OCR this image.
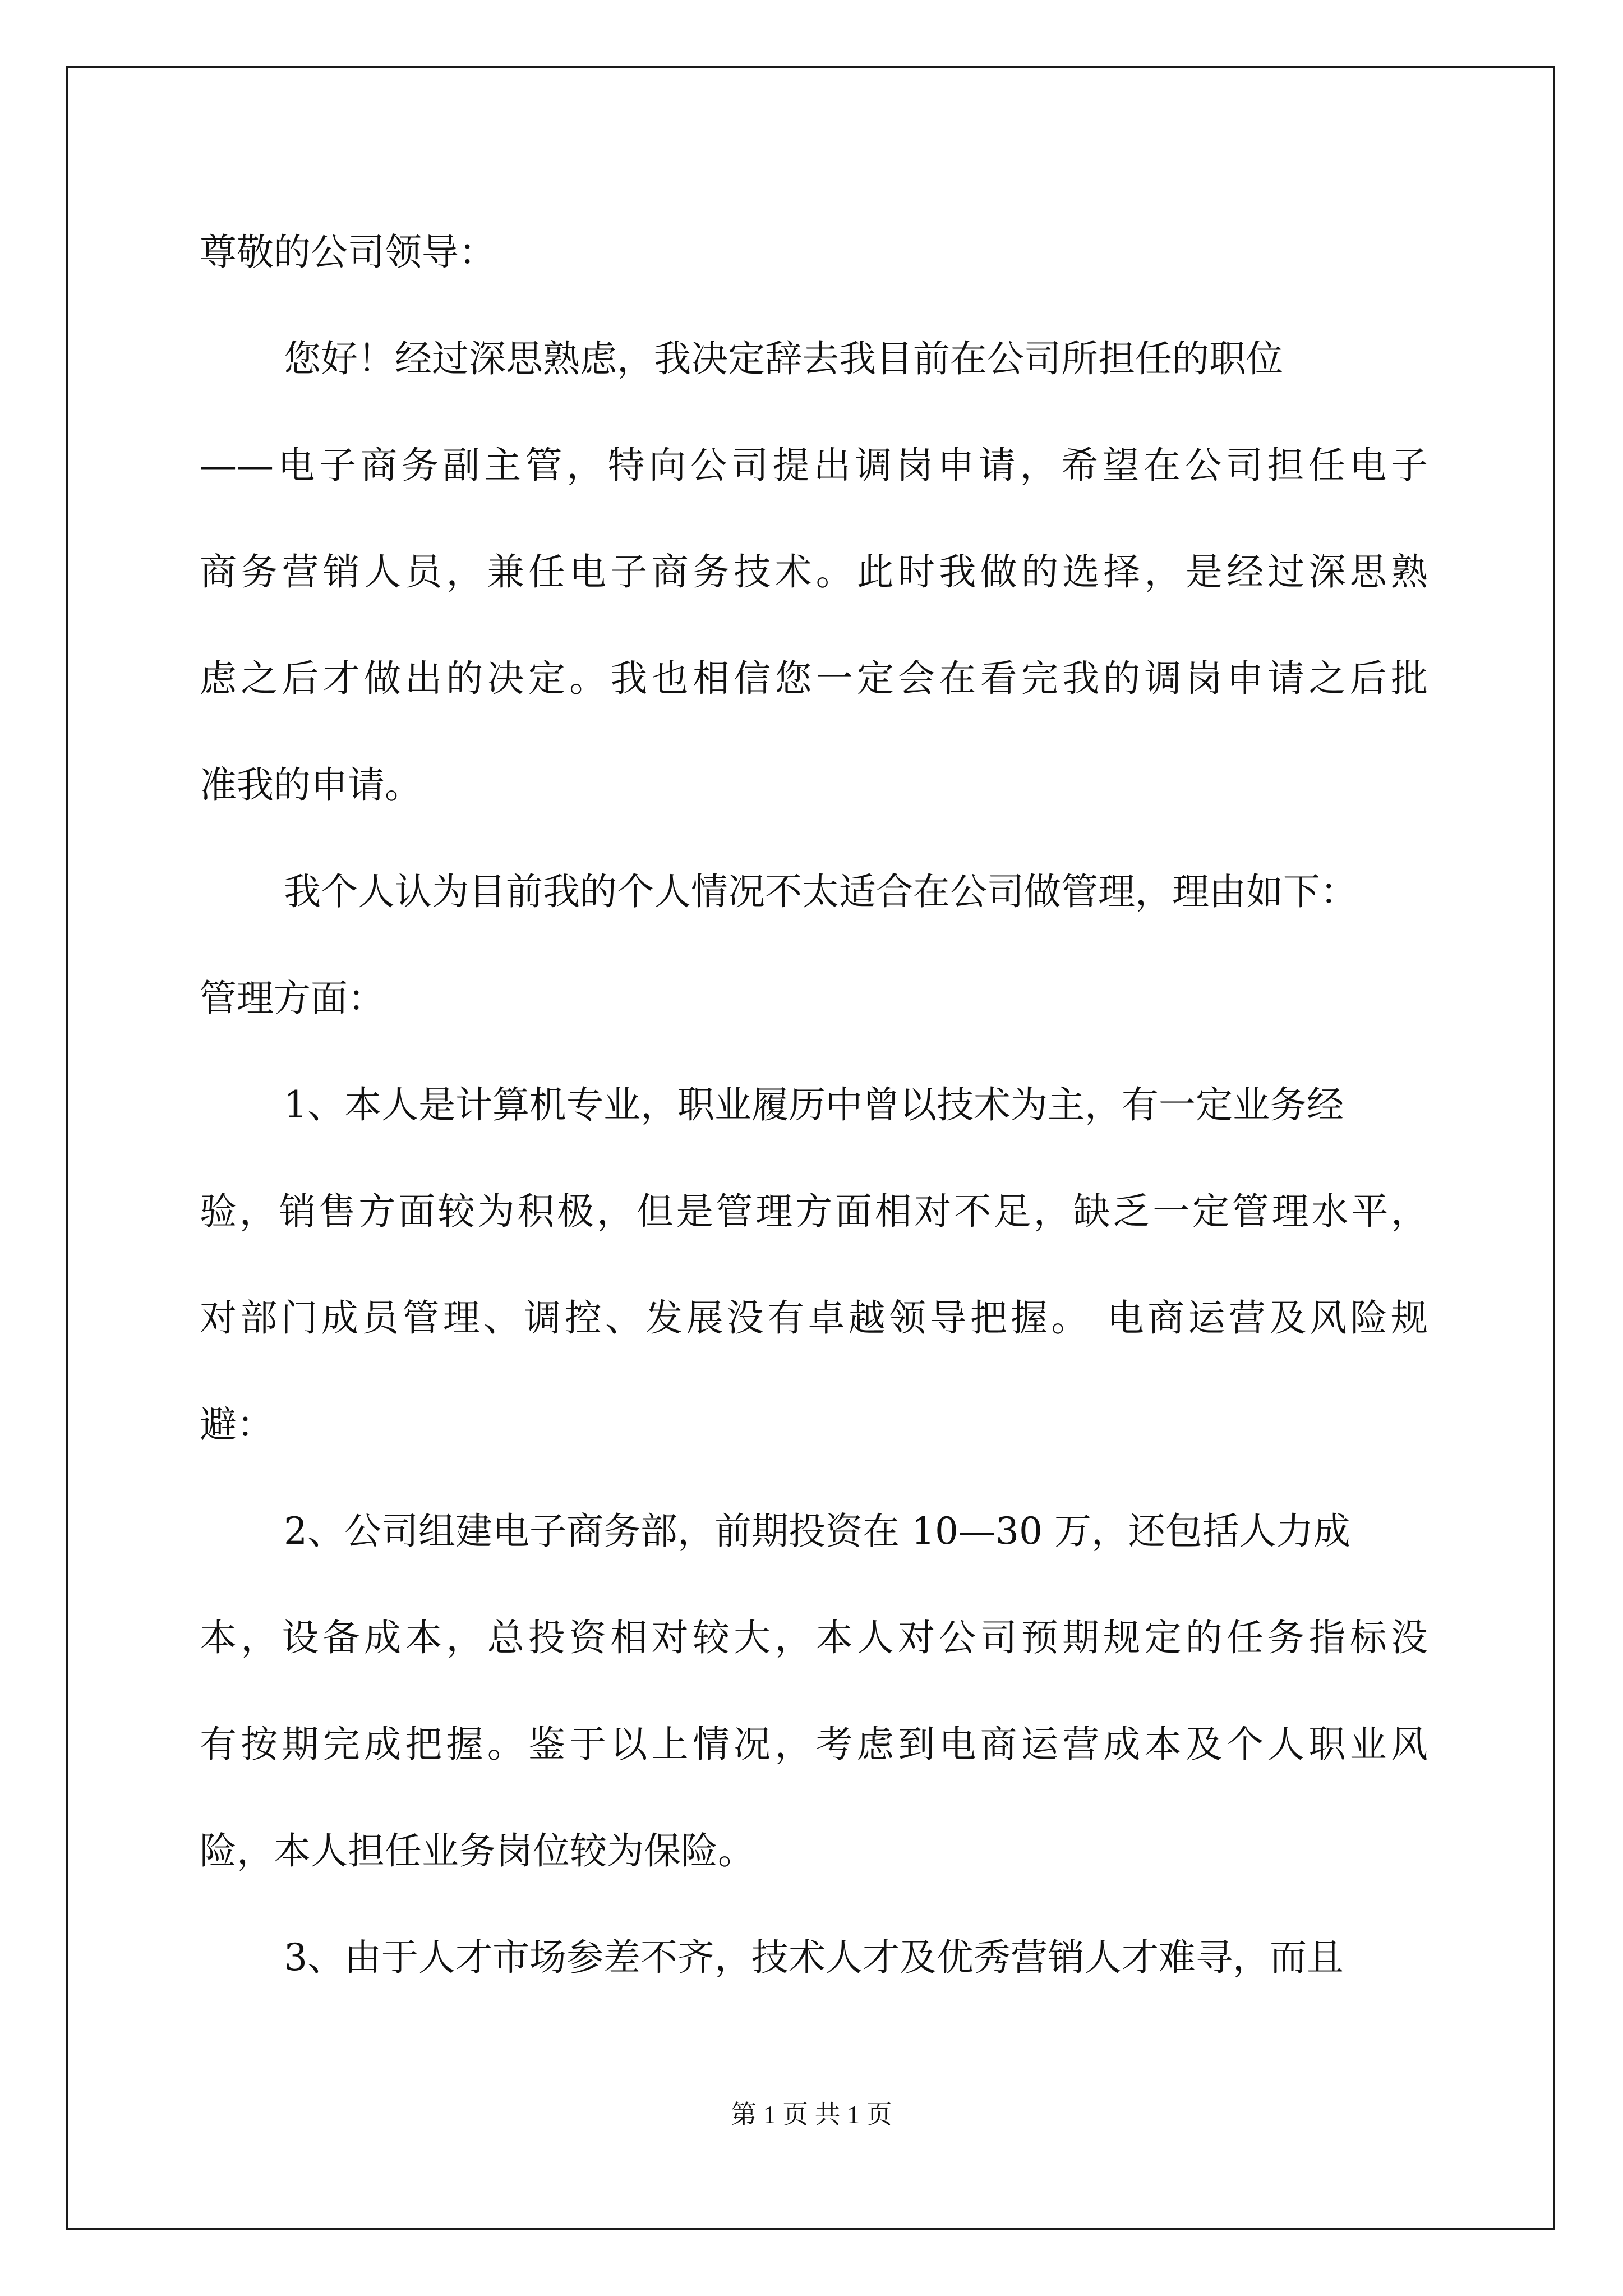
尊敬的公司领导：
您好！经过深思熟虑，我决定辞去我目前在公司所担任的职位
——电子商务副主管，特向公司提出调岗申请，希望在公司担任电子
商务营销人员，兼任电子商务技术。此时我做的选择，是经过深思熟
虑之后才做出的决定。我也相信您一定会在看完我的调岗申请之后批
准我的申请。
我个人认为目前我的个人情况不太适合在公司做管理，理由如下：
管理方面：
1、本人是计算机专业，职业履历中曾以技术为主，有一定业务经
验，销售方面较为积极，但是管理方面相对不足，缺乏一定管理水平，
对部门成员管理、调控、发展没有卓越领导把握。 电商运营及风险规
避：
2、公司组建电子商务部，前期投资在 10—30 万，还包括人力成
本，设备成本，总投资相对较大，本人对公司预期规定的任务指标没
有按期完成把握。鉴于以上情况，考虑到电商运营成本及个人职业风
险，本人担任业务岗位较为保险。
3、由于人才市场参差不齐，技术人才及优秀营销人才难寻，而且
第 1 页 共 1 页
